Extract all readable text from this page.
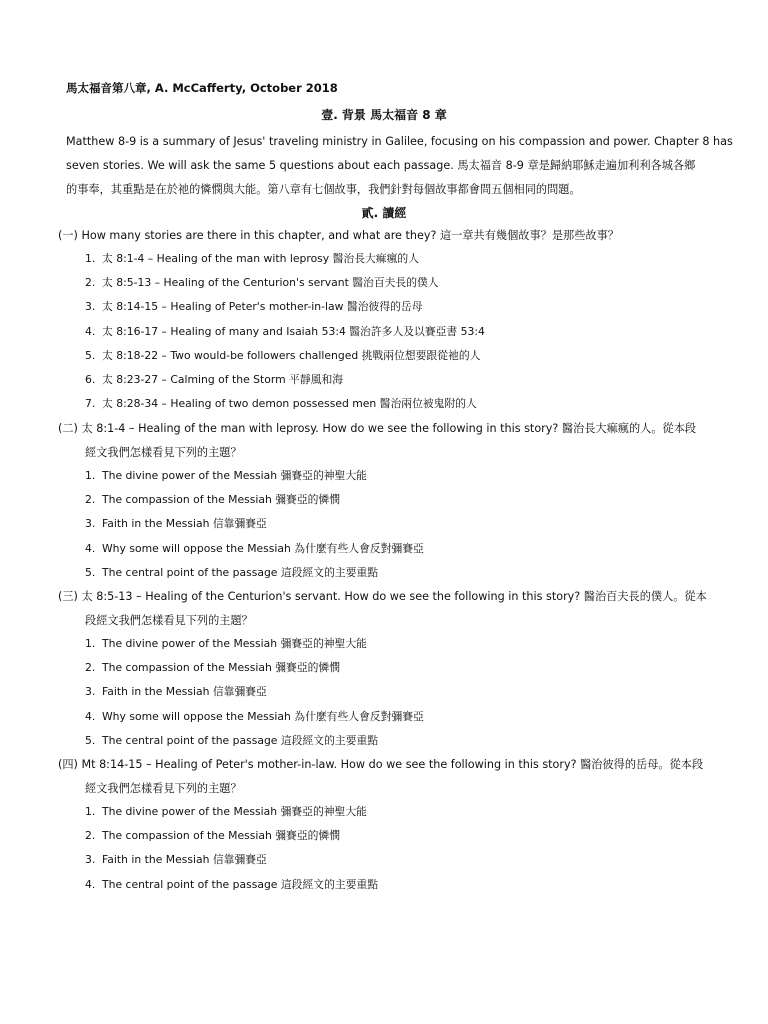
馬太福音第八章, A. McCafferty, October 2018
壹. 背景 馬太福音 8 章
Matthew 8-9 is a summary of Jesus' traveling ministry in Galilee, focusing on his compassion and power. Chapter 8 has
seven stories. We will ask the same 5 questions about each passage. 馬太福音 8-9 章是歸納耶穌走遍加利利各城各鄉
的事奉，其重點是在於祂的憐憫與大能。第八章有七個故事，我們針對每個故事都會問五個相同的問題。
貳. 讀經
(一) How many stories are there in this chapter, and what are they? 這一章共有幾個故事？是那些故事？
1. 太 8:1-4 – Healing of the man with leprosy 醫治長大痲瘋的人
2. 太 8:5-13 – Healing of the Centurion's servant 醫治百夫長的僕人
3. 太 8:14-15 – Healing of Peter's mother-in-law 醫治彼得的岳母
4. 太 8:16-17 – Healing of many and Isaiah 53:4 醫治許多人及以賽亞書 53:4
5. 太 8:18-22 – Two would-be followers challenged 挑戰兩位想要跟從祂的人
6. 太 8:23-27 – Calming of the Storm 平靜風和海
7. 太 8:28-34 – Healing of two demon possessed men 醫治兩位被鬼附的人
(二) 太 8:1-4 – Healing of the man with leprosy. How do we see the following in this story? 醫治長大痲瘋的人。從本段
經文我們怎樣看見下列的主題？
1. The divine power of the Messiah 彌賽亞的神聖大能
2. The compassion of the Messiah 彌賽亞的憐憫
3. Faith in the Messiah 信靠彌賽亞
4. Why some will oppose the Messiah 為什麼有些人會反對彌賽亞
5. The central point of the passage 這段經文的主要重點
(三) 太 8:5-13 – Healing of the Centurion's servant. How do we see the following in this story? 醫治百夫長的僕人。從本
段經文我們怎樣看見下列的主題？
1. The divine power of the Messiah 彌賽亞的神聖大能
2. The compassion of the Messiah 彌賽亞的憐憫
3. Faith in the Messiah 信靠彌賽亞
4. Why some will oppose the Messiah 為什麼有些人會反對彌賽亞
5. The central point of the passage 這段經文的主要重點
(四) Mt 8:14-15 – Healing of Peter's mother-in-law. How do we see the following in this story? 醫治彼得的岳母。從本段
經文我們怎樣看見下列的主題？
1. The divine power of the Messiah 彌賽亞的神聖大能
2. The compassion of the Messiah 彌賽亞的憐憫
3. Faith in the Messiah 信靠彌賽亞
4. The central point of the passage 這段經文的主要重點
